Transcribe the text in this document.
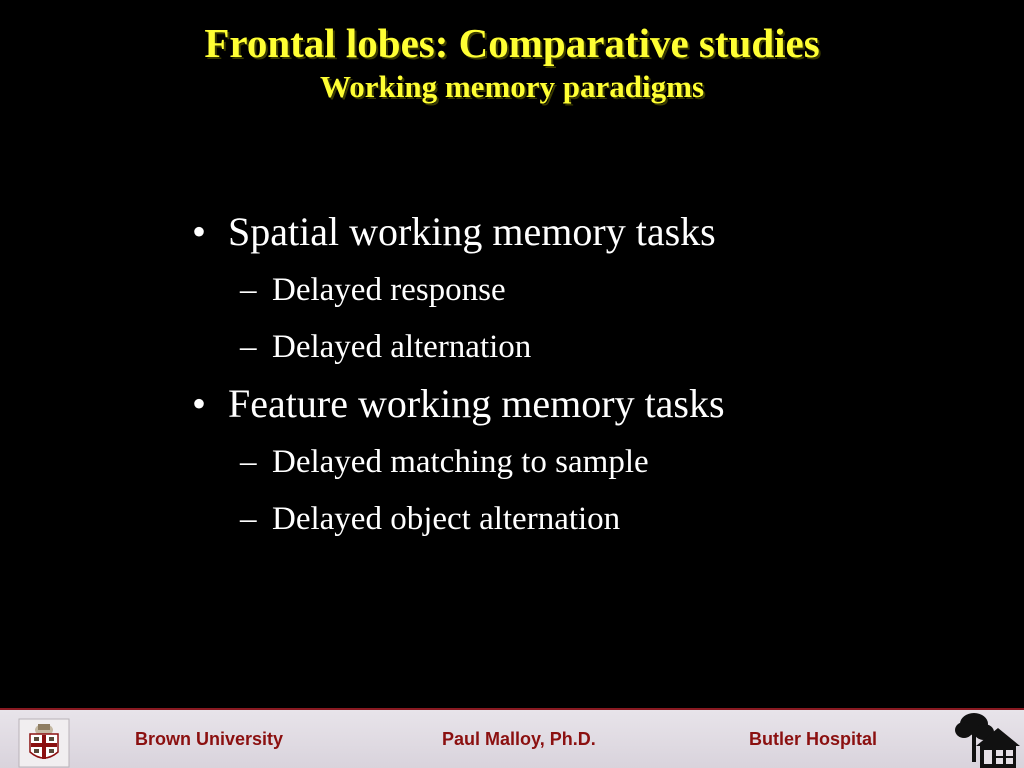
Frontal lobes: Comparative studies
Working memory paradigms
• Spatial working memory tasks
– Delayed response
– Delayed alternation
• Feature working memory tasks
– Delayed matching to sample
– Delayed object alternation
Brown University	Paul Malloy, Ph.D.	Butler Hospital
